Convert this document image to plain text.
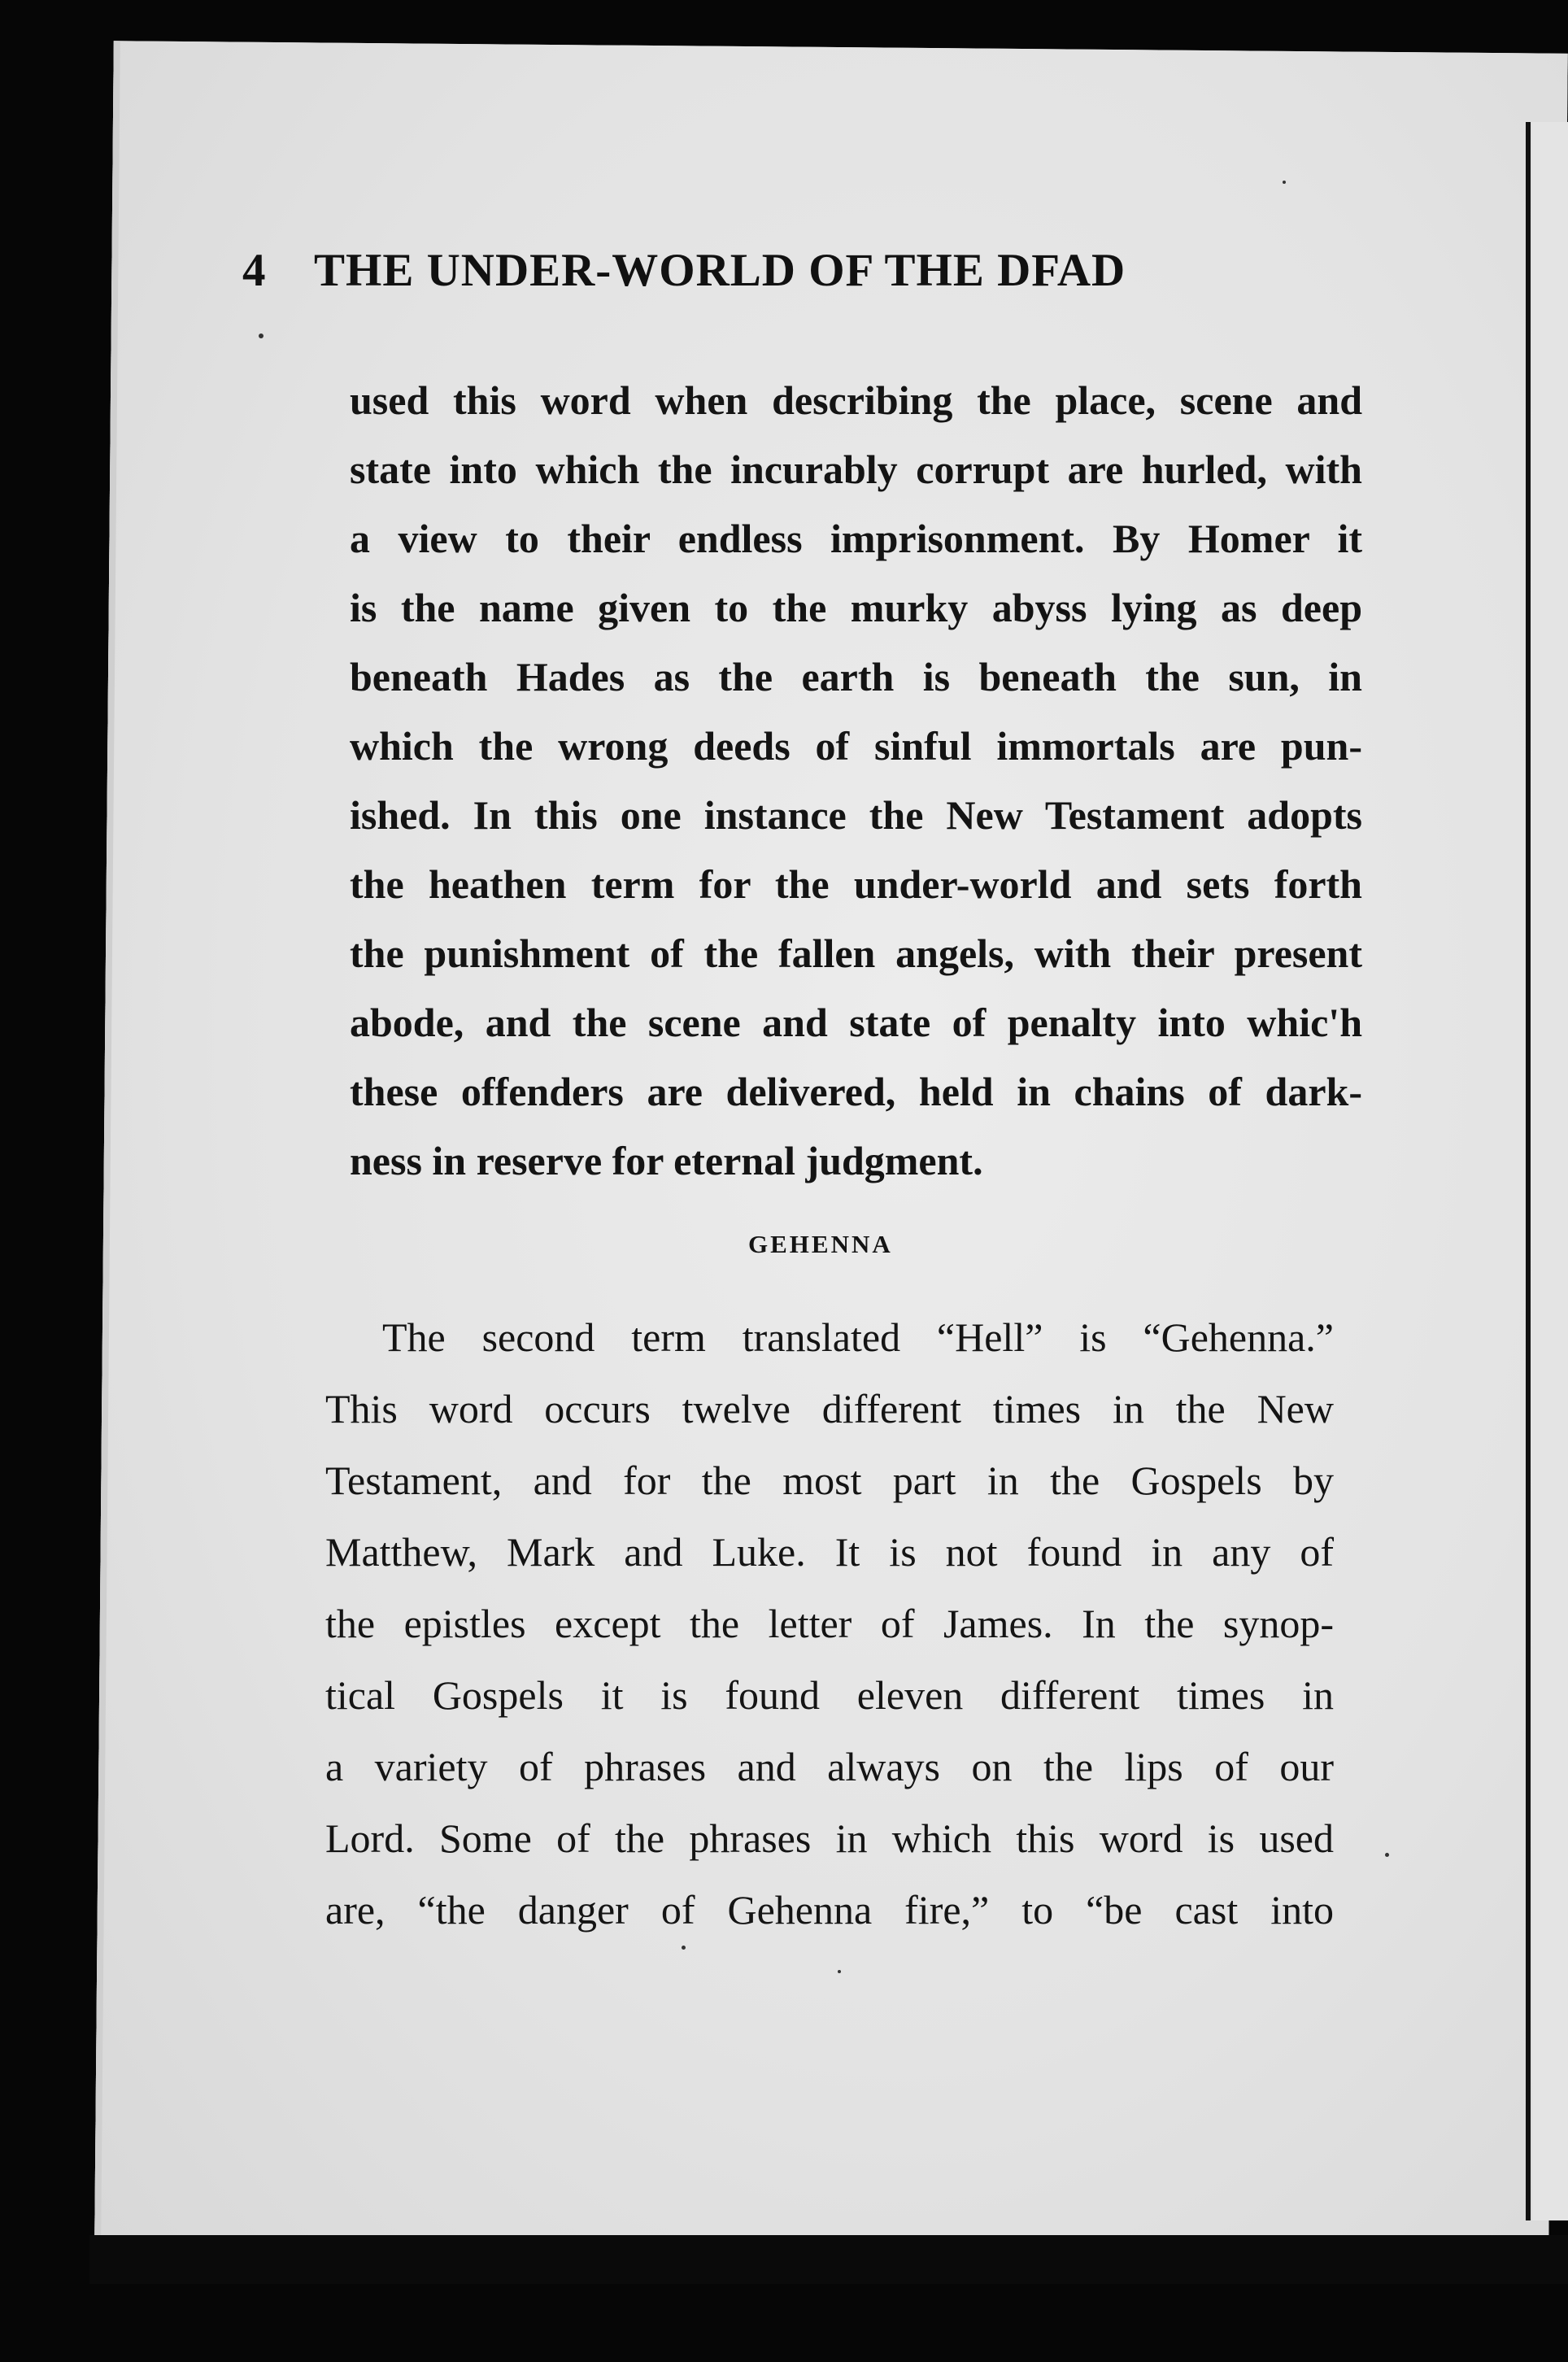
4 THE UNDER-WORLD OF THE DFAD
used this word when describing the place, scene and
state into which the incurably corrupt are hurled, with
a view to their endless imprisonment. By Homer it
is the name given to the murky abyss lying as deep
beneath Hades as the earth is beneath the sun, in
which the wrong deeds of sinful immortals are pun-
ished. In this one instance the New Testament adopts
the heathen term for the under-world and sets forth
the punishment of the fallen angels, with their present
abode, and the scene and state of penalty into whic'h
these offenders are delivered, held in chains of dark-
ness in reserve for eternal judgment.
GEHENNA
The second term translated “Hell” is “Gehenna.”
This word occurs twelve different times in the New
Testament, and for the most part in the Gospels by
Matthew, Mark and Luke. It is not found in any of
the epistles except the letter of James. In the synop-
tical Gospels it is found eleven different times in
a variety of phrases and always on the lips of our
Lord. Some of the phrases in which this word is used
are, “the danger of Gehenna fire,” to “be cast into
